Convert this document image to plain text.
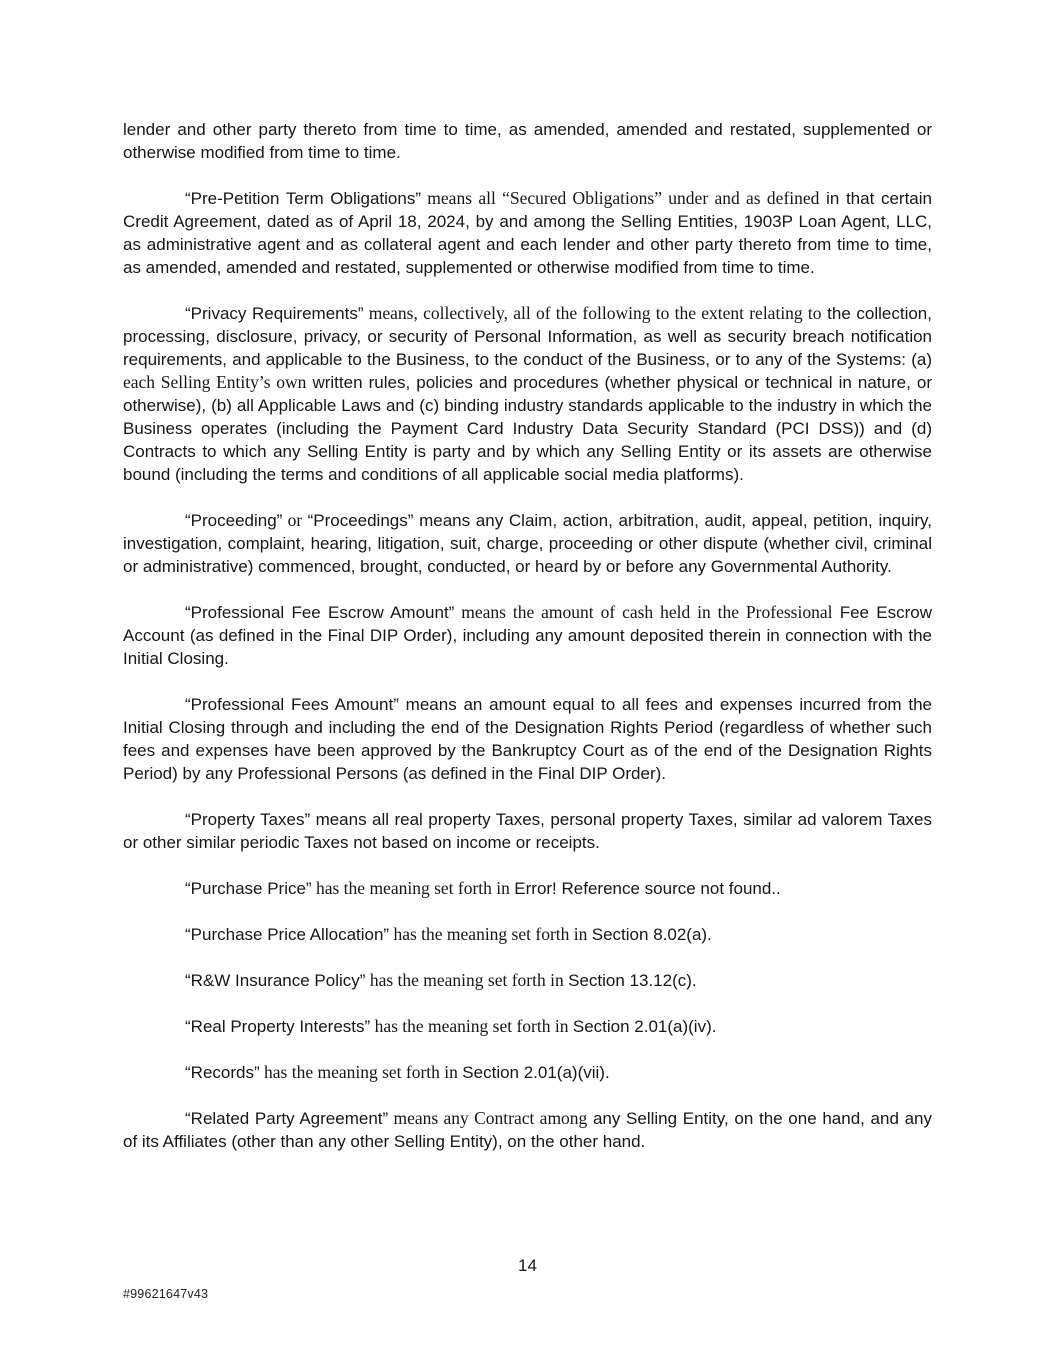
lender and other party thereto from time to time, as amended, amended and restated, supplemented or otherwise modified from time to time.

“Pre-Petition Term Obligations” means all “Secured Obligations” under and as defined in that certain Credit Agreement, dated as of April 18, 2024, by and among the Selling Entities, 1903P Loan Agent, LLC, as administrative agent and as collateral agent and each lender and other party thereto from time to time, as amended, amended and restated, supplemented or otherwise modified from time to time.

“Privacy Requirements” means, collectively, all of the following to the extent relating to the collection, processing, disclosure, privacy, or security of Personal Information, as well as security breach notification requirements, and applicable to the Business, to the conduct of the Business, or to any of the Systems: (a) each Selling Entity’s own written rules, policies and procedures (whether physical or technical in nature, or otherwise), (b) all Applicable Laws and (c) binding industry standards applicable to the industry in which the Business operates (including the Payment Card Industry Data Security Standard (PCI DSS)) and (d) Contracts to which any Selling Entity is party and by which any Selling Entity or its assets are otherwise bound (including the terms and conditions of all applicable social media platforms).

“Proceeding” or “Proceedings” means any Claim, action, arbitration, audit, appeal, petition, inquiry, investigation, complaint, hearing, litigation, suit, charge, proceeding or other dispute (whether civil, criminal or administrative) commenced, brought, conducted, or heard by or before any Governmental Authority.

“Professional Fee Escrow Amount” means the amount of cash held in the Professional Fee Escrow Account (as defined in the Final DIP Order), including any amount deposited therein in connection with the Initial Closing.

“Professional Fees Amount” means an amount equal to all fees and expenses incurred from the Initial Closing through and including the end of the Designation Rights Period (regardless of whether such fees and expenses have been approved by the Bankruptcy Court as of the end of the Designation Rights Period) by any Professional Persons (as defined in the Final DIP Order).

“Property Taxes” means all real property Taxes, personal property Taxes, similar ad valorem Taxes or other similar periodic Taxes not based on income or receipts.

“Purchase Price” has the meaning set forth in Error! Reference source not found..

“Purchase Price Allocation” has the meaning set forth in Section 8.02(a).

“R&W Insurance Policy” has the meaning set forth in Section 13.12(c).

“Real Property Interests” has the meaning set forth in Section 2.01(a)(iv).

“Records” has the meaning set forth in Section 2.01(a)(vii).

“Related Party Agreement” means any Contract among any Selling Entity, on the one hand, and any of its Affiliates (other than any other Selling Entity), on the other hand.

14
#99621647v43
